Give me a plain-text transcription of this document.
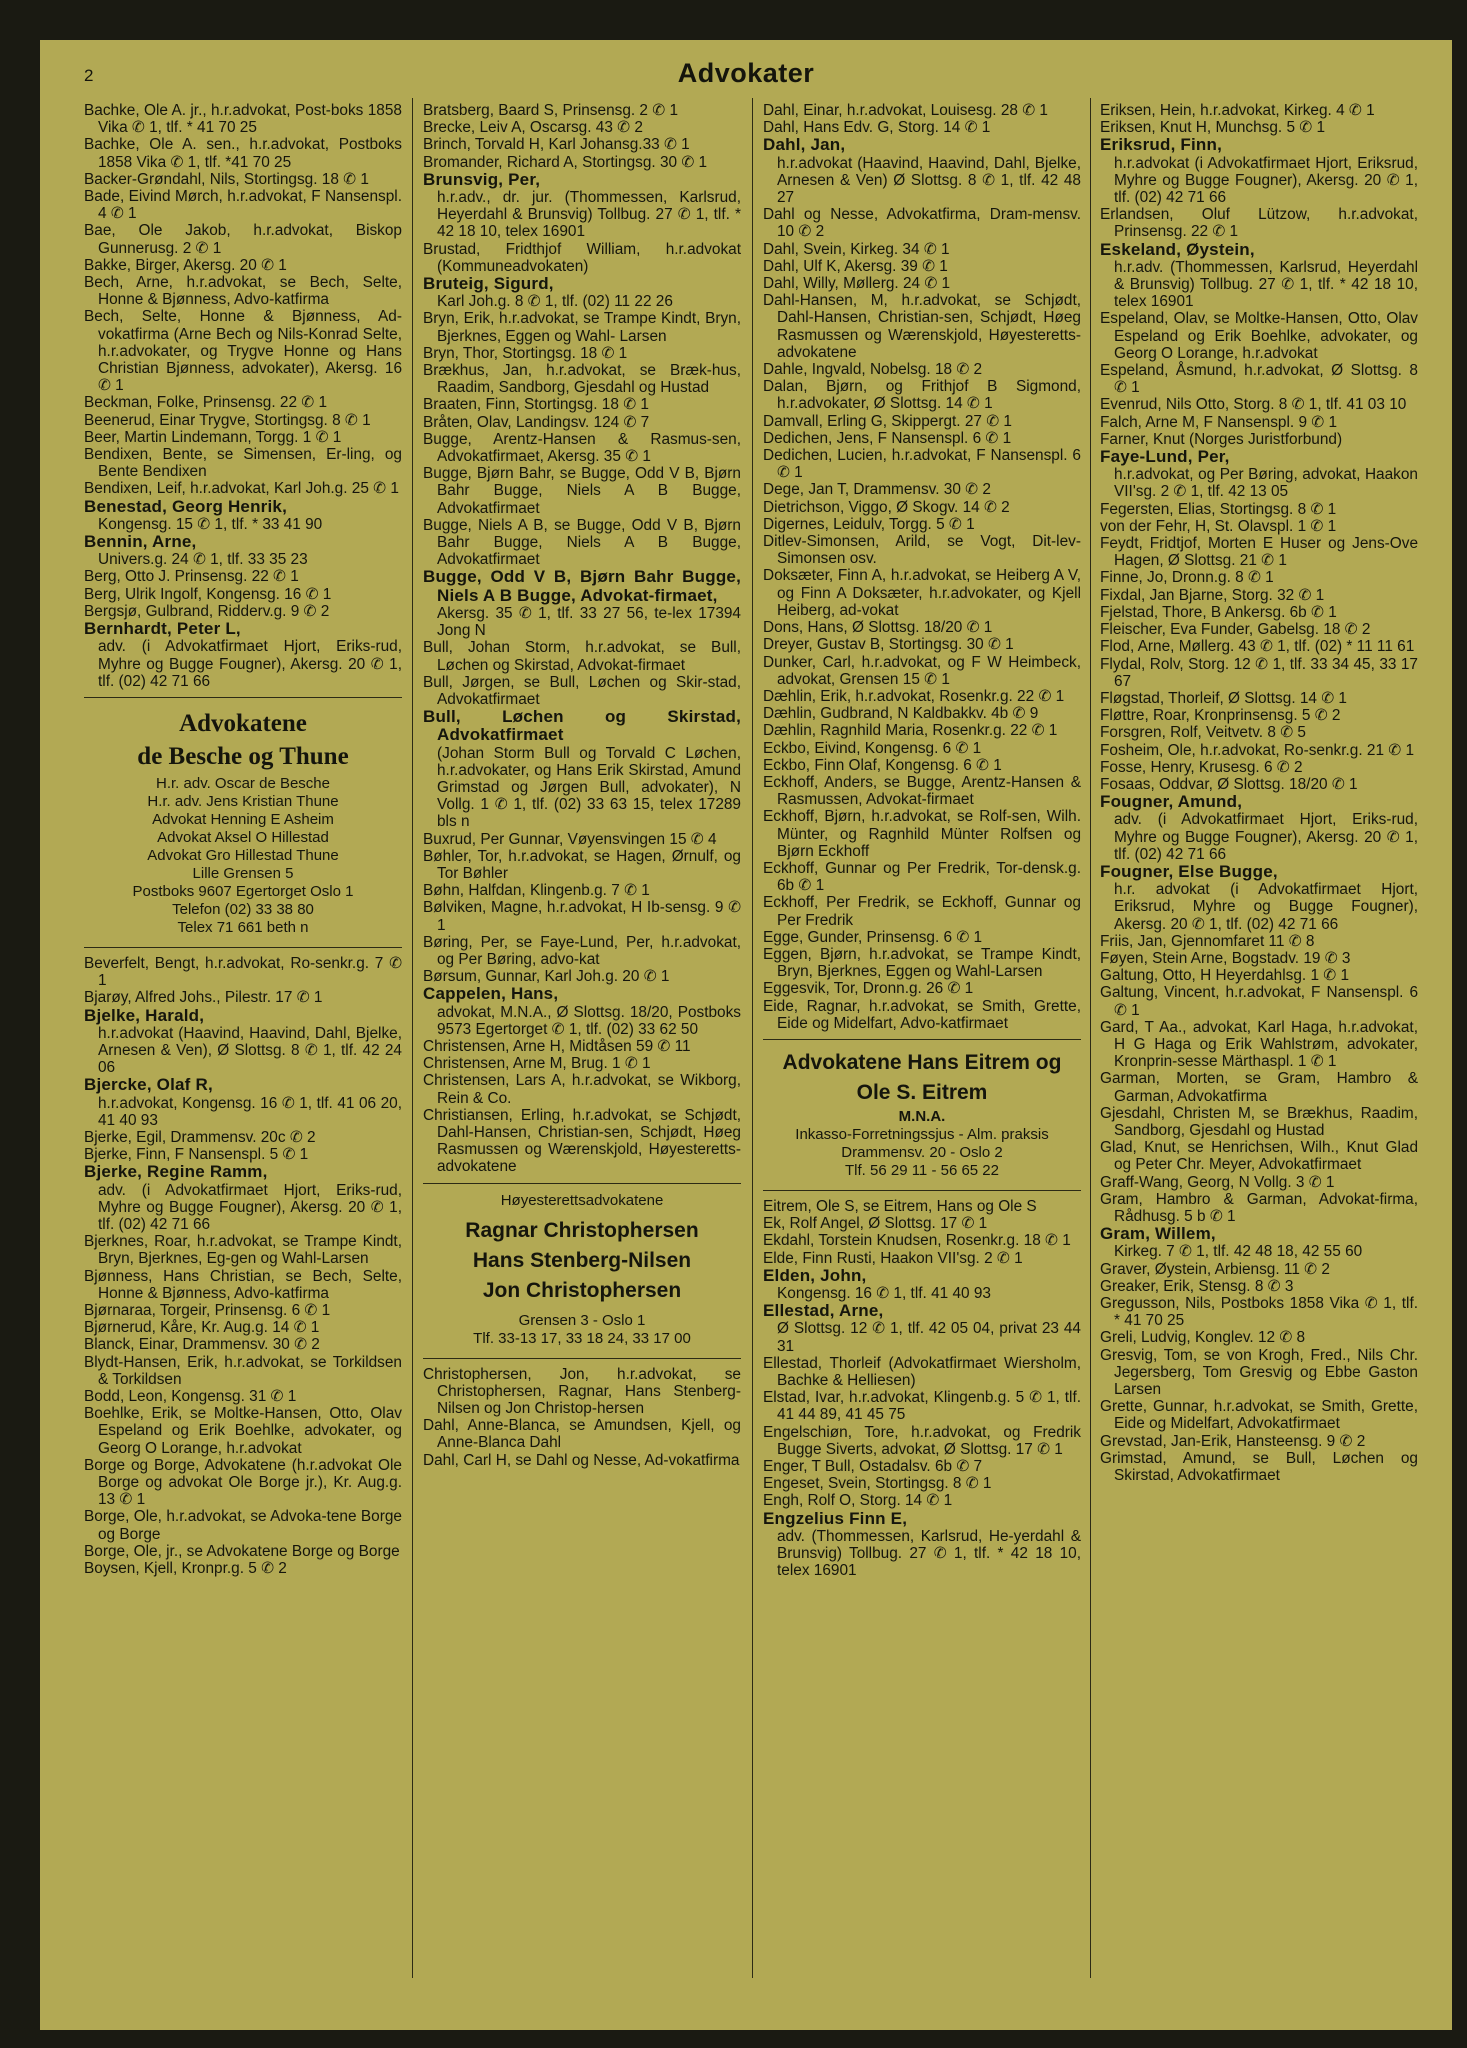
2	Advokater

Bachke, Ole A. jr., h.r.advokat, Post-boks 1858 Vika ✆ 1, tlf. * 41 70 25

Bachke, Ole A. sen., h.r.advokat, Postboks 1858 Vika ✆ 1, tlf. *41 70 25

Backer-Grøndahl, Nils, Stortingsg. 18 ✆ 1

Bade, Eivind Mørch, h.r.advokat, F Nansenspl. 4 ✆ 1

Bae, Ole Jakob, h.r.advokat, Biskop Gunnerusg. 2 ✆ 1

Bakke, Birger, Akersg. 20 ✆ 1

Bech, Arne, h.r.advokat, se Bech, Selte, Honne & Bjønness, Advo-katfirma

Bech, Selte, Honne & Bjønness, Ad-vokatfirma (Arne Bech og Nils-Konrad Selte, h.r.advokater, og Trygve Honne og Hans Christian Bjønness, advokater), Akersg. 16 ✆ 1

Beckman, Folke, Prinsensg. 22 ✆ 1

Beenerud, Einar Trygve, Stortingsg. 8 ✆ 1

Beer, Martin Lindemann, Torgg. 1 ✆ 1

Bendixen, Bente, se Simensen, Er-ling, og Bente Bendixen

Bendixen, Leif, h.r.advokat, Karl Joh.g. 25 ✆ 1

Benestad, Georg Henrik,
Kongensg. 15 ✆ 1, tlf. * 33 41 90

Bennin, Arne,
Univers.g. 24 ✆ 1, tlf. 33 35 23

Berg, Otto J. Prinsensg. 22 ✆ 1

Berg, Ulrik Ingolf, Kongensg. 16 ✆ 1

Bergsjø, Gulbrand, Ridderv.g. 9 ✆ 2

Bernhardt, Peter L,
adv. (i Advokatfirmaet Hjort, Eriks-rud, Myhre og Bugge Fougner), Akersg. 20 ✆ 1, tlf. (02) 42 71 66

Advokatene
de Besche og Thune
H.r. adv. Oscar de Besche
H.r. adv. Jens Kristian Thune
Advokat Henning E Asheim
Advokat Aksel O Hillestad
Advokat Gro Hillestad Thune
Lille Grensen 5
Postboks 9607 Egertorget Oslo 1
Telefon (02) 33 38 80
Telex 71 661 beth n

Beverfelt, Bengt, h.r.advokat, Ro-senkr.g. 7 ✆ 1

Bjarøy, Alfred Johs., Pilestr. 17 ✆ 1

Bjelke, Harald,
h.r.advokat (Haavind, Haavind, Dahl, Bjelke, Arnesen & Ven), Ø Slottsg. 8 ✆ 1, tlf. 42 24 06

Bjercke, Olaf R,
h.r.advokat, Kongensg. 16 ✆ 1, tlf. 41 06 20, 41 40 93

Bjerke, Egil, Drammensv. 20c ✆ 2

Bjerke, Finn, F Nansenspl. 5 ✆ 1

Bjerke, Regine Ramm,
adv. (i Advokatfirmaet Hjort, Eriks-rud, Myhre og Bugge Fougner), Akersg. 20 ✆ 1, tlf. (02) 42 71 66

Bjerknes, Roar, h.r.advokat, se Trampe Kindt, Bryn, Bjerknes, Eg-gen og Wahl-Larsen

Bjønness, Hans Christian, se Bech, Selte, Honne & Bjønness, Advo-katfirma

Bjørnaraa, Torgeir, Prinsensg. 6 ✆ 1

Bjørnerud, Kåre, Kr. Aug.g. 14 ✆ 1

Blanck, Einar, Drammensv. 30 ✆ 2

Blydt-Hansen, Erik, h.r.advokat, se Torkildsen & Torkildsen

Bodd, Leon, Kongensg. 31 ✆ 1

Boehlke, Erik, se Moltke-Hansen, Otto, Olav Espeland og Erik Boehlke, advokater, og Georg O Lorange, h.r.advokat

Borge og Borge, Advokatene (h.r.advokat Ole Borge og advokat Ole Borge jr.), Kr. Aug.g. 13 ✆ 1

Borge, Ole, h.r.advokat, se Advoka-tene Borge og Borge

Borge, Ole, jr., se Advokatene Borge og Borge

Boysen, Kjell, Kronpr.g. 5 ✆ 2

Bratsberg, Baard S, Prinsensg. 2 ✆ 1

Brecke, Leiv A, Oscarsg. 43 ✆ 2

Brinch, Torvald H, Karl Johansg.33 ✆ 1

Bromander, Richard A, Stortingsg. 30 ✆ 1

Brunsvig, Per,
h.r.adv., dr. jur. (Thommessen, Karlsrud, Heyerdahl & Brunsvig) Tollbug. 27 ✆ 1, tlf. * 42 18 10, telex 16901

Brustad, Fridthjof William, h.r.advokat (Kommuneadvokaten)

Bruteig, Sigurd,
Karl Joh.g. 8 ✆ 1, tlf. (02) 11 22 26

Bryn, Erik, h.r.advokat, se Trampe Kindt, Bryn, Bjerknes, Eggen og Wahl- Larsen

Bryn, Thor, Stortingsg. 18 ✆ 1

Brækhus, Jan, h.r.advokat, se Bræk-hus, Raadim, Sandborg, Gjesdahl og Hustad

Braaten, Finn, Stortingsg. 18 ✆ 1

Bråten, Olav, Landingsv. 124 ✆ 7

Bugge, Arentz-Hansen & Rasmus-sen, Advokatfirmaet, Akersg. 35 ✆ 1

Bugge, Bjørn Bahr, se Bugge, Odd V B, Bjørn Bahr Bugge, Niels A B Bugge, Advokatfirmaet

Bugge, Niels A B, se Bugge, Odd V B, Bjørn Bahr Bugge, Niels A B Bugge, Advokatfirmaet

Bugge, Odd V B, Bjørn Bahr Bugge, Niels A B Bugge, Advokat-firmaet,
Akersg. 35 ✆ 1, tlf. 33 27 56, te-lex 17394 Jong N

Bull, Johan Storm, h.r.advokat, se Bull, Løchen og Skirstad, Advokat-firmaet

Bull, Jørgen, se Bull, Løchen og Skir-stad, Advokatfirmaet

Bull, Løchen og Skirstad, Advokatfirmaet
(Johan Storm Bull og Torvald C Løchen, h.r.advokater, og Hans Erik Skirstad, Amund Grimstad og Jørgen Bull, advokater), N Vollg. 1 ✆ 1, tlf. (02) 33 63 15, telex 17289 bls n

Buxrud, Per Gunnar, Vøyensvingen 15 ✆ 4

Bøhler, Tor, h.r.advokat, se Hagen, Ørnulf, og Tor Bøhler

Bøhn, Halfdan, Klingenb.g. 7 ✆ 1

Bølviken, Magne, h.r.advokat, H Ib-sensg. 9 ✆ 1

Børing, Per, se Faye-Lund, Per, h.r.advokat, og Per Børing, advo-kat

Børsum, Gunnar, Karl Joh.g. 20 ✆ 1

Cappelen, Hans,
advokat, M.N.A., Ø Slottsg. 18/20, Postboks 9573 Egertorget ✆ 1, tlf. (02) 33 62 50

Christensen, Arne H, Midtåsen 59 ✆ 11

Christensen, Arne M, Brug. 1 ✆ 1

Christensen, Lars A, h.r.advokat, se Wikborg, Rein & Co.

Christiansen, Erling, h.r.advokat, se Schjødt, Dahl-Hansen, Christian-sen, Schjødt, Høeg Rasmussen og Wærenskjold, Høyesteretts-advokatene

Høyesterettsadvokatene
Ragnar Christophersen
Hans Stenberg-Nilsen
Jon Christophersen
Grensen 3 - Oslo 1
Tlf. 33-13 17, 33 18 24, 33 17 00

Christophersen, Jon, h.r.advokat, se Christophersen, Ragnar, Hans Stenberg-Nilsen og Jon Christop-hersen

Dahl, Anne-Blanca, se Amundsen, Kjell, og Anne-Blanca Dahl

Dahl, Carl H, se Dahl og Nesse, Ad-vokatfirma

Dahl, Einar, h.r.advokat, Louisesg. 28 ✆ 1

Dahl, Hans Edv. G, Storg. 14 ✆ 1

Dahl, Jan,
h.r.advokat (Haavind, Haavind, Dahl, Bjelke, Arnesen & Ven) Ø Slottsg. 8 ✆ 1, tlf. 42 48 27

Dahl og Nesse, Advokatfirma, Dram-mensv. 10 ✆ 2

Dahl, Svein, Kirkeg. 34 ✆ 1

Dahl, Ulf K, Akersg. 39 ✆ 1

Dahl, Willy, Møllerg. 24 ✆ 1

Dahl-Hansen, M, h.r.advokat, se Schjødt, Dahl-Hansen, Christian-sen, Schjødt, Høeg Rasmussen og Wærenskjold, Høyesteretts-advokatene

Dahle, Ingvald, Nobelsg. 18 ✆ 2

Dalan, Bjørn, og Frithjof B Sigmond, h.r.advokater, Ø Slottsg. 14 ✆ 1

Damvall, Erling G, Skippergt. 27 ✆ 1

Dedichen, Jens, F Nansenspl. 6 ✆ 1

Dedichen, Lucien, h.r.advokat, F Nansenspl. 6 ✆ 1

Dege, Jan T, Drammensv. 30 ✆ 2

Dietrichson, Viggo, Ø Skogv. 14 ✆ 2

Digernes, Leidulv, Torgg. 5 ✆ 1

Ditlev-Simonsen, Arild, se Vogt, Dit-lev-Simonsen osv.

Doksæter, Finn A, h.r.advokat, se Heiberg A V, og Finn A Doksæter, h.r.advokater, og Kjell Heiberg, ad-vokat

Dons, Hans, Ø Slottsg. 18/20 ✆ 1

Dreyer, Gustav B, Stortingsg. 30 ✆ 1

Dunker, Carl, h.r.advokat, og F W Heimbeck, advokat, Grensen 15 ✆ 1

Dæhlin, Erik, h.r.advokat, Rosenkr.g. 22 ✆ 1

Dæhlin, Gudbrand, N Kaldbakkv. 4b ✆ 9

Dæhlin, Ragnhild Maria, Rosenkr.g. 22 ✆ 1

Eckbo, Eivind, Kongensg. 6 ✆ 1

Eckbo, Finn Olaf, Kongensg. 6 ✆ 1

Eckhoff, Anders, se Bugge, Arentz-Hansen & Rasmussen, Advokat-firmaet

Eckhoff, Bjørn, h.r.advokat, se Rolf-sen, Wilh. Münter, og Ragnhild Münter Rolfsen og Bjørn Eckhoff

Eckhoff, Gunnar og Per Fredrik, Tor-densk.g. 6b ✆ 1

Eckhoff, Per Fredrik, se Eckhoff, Gunnar og Per Fredrik

Egge, Gunder, Prinsensg. 6 ✆ 1

Eggen, Bjørn, h.r.advokat, se Trampe Kindt, Bryn, Bjerknes, Eggen og Wahl-Larsen

Eggesvik, Tor, Dronn.g. 26 ✆ 1

Eide, Ragnar, h.r.advokat, se Smith, Grette, Eide og Midelfart, Advo-katfirmaet

Advokatene Hans Eitrem og Ole S. Eitrem
M.N.A.
Inkasso-Forretningssjus - Alm. praksis
Drammensv. 20 - Oslo 2
Tlf. 56 29 11 - 56 65 22

Eitrem, Ole S, se Eitrem, Hans og Ole S

Ek, Rolf Angel, Ø Slottsg. 17 ✆ 1

Ekdahl, Torstein Knudsen, Rosenkr.g. 18 ✆ 1

Elde, Finn Rusti, Haakon VII'sg. 2 ✆ 1

Elden, John,
Kongensg. 16 ✆ 1, tlf. 41 40 93

Ellestad, Arne,
Ø Slottsg. 12 ✆ 1, tlf. 42 05 04, privat 23 44 31

Ellestad, Thorleif (Advokatfirmaet Wiersholm, Bachke & Helliesen)

Elstad, Ivar, h.r.advokat, Klingenb.g. 5 ✆ 1, tlf. 41 44 89, 41 45 75

Engelschiøn, Tore, h.r.advokat, og Fredrik Bugge Siverts, advokat, Ø Slottsg. 17 ✆ 1

Enger, T Bull, Ostadalsv. 6b ✆ 7

Engeset, Svein, Stortingsg. 8 ✆ 1

Engh, Rolf O, Storg. 14 ✆ 1

Engzelius Finn E,
adv. (Thommessen, Karlsrud, He-yerdahl & Brunsvig) Tollbug. 27 ✆ 1, tlf. * 42 18 10, telex 16901

Eriksen, Hein, h.r.advokat, Kirkeg. 4 ✆ 1

Eriksen, Knut H, Munchsg. 5 ✆ 1

Eriksrud, Finn,
h.r.advokat (i Advokatfirmaet Hjort, Eriksrud, Myhre og Bugge Fougner), Akersg. 20 ✆ 1, tlf. (02) 42 71 66

Erlandsen, Oluf Lützow, h.r.advokat, Prinsensg. 22 ✆ 1

Eskeland, Øystein,
h.r.adv. (Thommessen, Karlsrud, Heyerdahl & Brunsvig) Tollbug. 27 ✆ 1, tlf. * 42 18 10, telex 16901

Espeland, Olav, se Moltke-Hansen, Otto, Olav Espeland og Erik Boehlke, advokater, og Georg O Lorange, h.r.advokat

Espeland, Åsmund, h.r.advokat, Ø Slottsg. 8 ✆ 1

Evenrud, Nils Otto, Storg. 8 ✆ 1, tlf. 41 03 10

Falch, Arne M, F Nansenspl. 9 ✆ 1

Farner, Knut (Norges Juristforbund)

Faye-Lund, Per,
h.r.advokat, og Per Børing, advokat, Haakon VII'sg. 2 ✆ 1, tlf. 42 13 05

Fegersten, Elias, Stortingsg. 8 ✆ 1

von der Fehr, H, St. Olavspl. 1 ✆ 1

Feydt, Fridtjof, Morten E Huser og Jens-Ove Hagen, Ø Slottsg. 21 ✆ 1

Finne, Jo, Dronn.g. 8 ✆ 1

Fixdal, Jan Bjarne, Storg. 32 ✆ 1

Fjelstad, Thore, B Ankersg. 6b ✆ 1

Fleischer, Eva Funder, Gabelsg. 18 ✆ 2

Flod, Arne, Møllerg. 43 ✆ 1, tlf. (02) * 11 11 61

Flydal, Rolv, Storg. 12 ✆ 1, tlf. 33 34 45, 33 17 67

Fløgstad, Thorleif, Ø Slottsg. 14 ✆ 1

Fløttre, Roar, Kronprinsensg. 5 ✆ 2

Forsgren, Rolf, Veitvetv. 8 ✆ 5

Fosheim, Ole, h.r.advokat, Ro-senkr.g. 21 ✆ 1

Fosse, Henry, Krusesg. 6 ✆ 2

Fosaas, Oddvar, Ø Slottsg. 18/20 ✆ 1

Fougner, Amund,
adv. (i Advokatfirmaet Hjort, Eriks-rud, Myhre og Bugge Fougner), Akersg. 20 ✆ 1, tlf. (02) 42 71 66

Fougner, Else Bugge,
h.r. advokat (i Advokatfirmaet Hjort, Eriksrud, Myhre og Bugge Fougner), Akersg. 20 ✆ 1, tlf. (02) 42 71 66

Friis, Jan, Gjennomfaret 11 ✆ 8

Føyen, Stein Arne, Bogstadv. 19 ✆ 3

Galtung, Otto, H Heyerdahlsg. 1 ✆ 1

Galtung, Vincent, h.r.advokat, F Nansenspl. 6 ✆ 1

Gard, T Aa., advokat, Karl Haga, h.r.advokat, H G Haga og Erik Wahlstrøm, advokater, Kronprin-sesse Märthaspl. 1 ✆ 1

Garman, Morten, se Gram, Hambro & Garman, Advokatfirma

Gjesdahl, Christen M, se Brækhus, Raadim, Sandborg, Gjesdahl og Hustad

Glad, Knut, se Henrichsen, Wilh., Knut Glad og Peter Chr. Meyer, Advokatfirmaet

Graff-Wang, Georg, N Vollg. 3 ✆ 1

Gram, Hambro & Garman, Advokat-firma, Rådhusg. 5 b ✆ 1

Gram, Willem,
Kirkeg. 7 ✆ 1, tlf. 42 48 18, 42 55 60

Graver, Øystein, Arbiensg. 11 ✆ 2

Greaker, Erik, Stensg. 8 ✆ 3

Gregusson, Nils, Postboks 1858 Vika ✆ 1, tlf. * 41 70 25

Greli, Ludvig, Konglev. 12 ✆ 8

Gresvig, Tom, se von Krogh, Fred., Nils Chr. Jegersberg, Tom Gresvig og Ebbe Gaston Larsen

Grette, Gunnar, h.r.advokat, se Smith, Grette, Eide og Midelfart, Advokatfirmaet

Grevstad, Jan-Erik, Hansteensg. 9 ✆ 2

Grimstad, Amund, se Bull, Løchen og Skirstad, Advokatfirmaet
